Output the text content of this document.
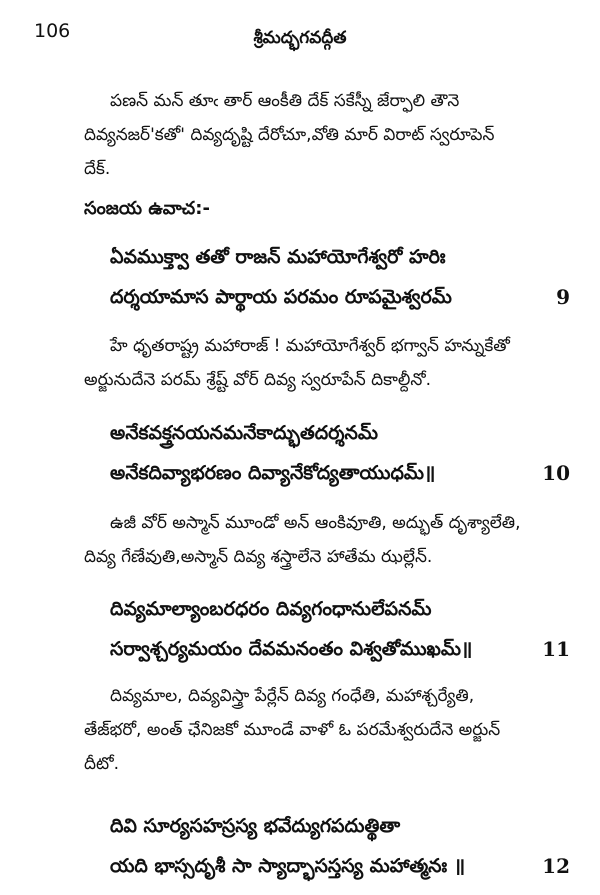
106	శ్రీమద్భగవద్గీత
పణన్ మన్ తూఁ తార్ ఆంకీతి దేక్ సకేస్నీ జేర్ఫాలి తౌనె
దివ్యనజర్'కతో' దివ్యదృష్టి దేరోచూ,వోతి మార్ విరాట్ స్వరూపెన్
దేక్.
సంజయ ఉవాచ:-
ఏవముక్త్వా తతో రాజన్ మహాయోగేశ్వరో హరిః
దర్శయామాస పార్థాయ పరమం రూపమైశ్వరమ్	9
హే ధృతరాష్ట్ర మహారాజ్ ! మహాయోగేశ్వర్ భగ్వాన్ హన్నుకేతో
అర్జునుదేనె పరమ్ శ్రేష్ట్ వోర్ దివ్య స్వరూపేన్ దికాల్దీనో.
అనేకవక్త్రనయనమనేకాద్భుతదర్శనమ్
అనేకదివ్యాభరణం దివ్యానేకోద్యతాయుధమ్॥	10
ఉజీ వోర్ అస్మాన్ మూండో అన్ ఆంకివూతి, అద్భుత్ దృశ్యాలేతి,
దివ్య గేణేవుతి,అస్మాన్ దివ్య శస్త్రాలేనె హాతేమ ఝల్లేన్.
దివ్యమాల్యాంబరధరం దివ్యగంధానులేపనమ్
సర్వాశ్చర్యమయం దేవమనంతం విశ్వతోముఖమ్॥	11
దివ్యమాల, దివ్యవిస్త్రా పేర్లేన్ దివ్య గంధేతి, మహాశ్చర్యేతి,
తేజ్‌భరో, అంత్ ఛేనిజకో మూండే వాళో ఓ పరమేశ్వరుదేనె అర్జున్
దీటో.
దివి సూర్యసహస్రస్య భవేద్యుగపదుత్థితా
యది భాస్సదృశీ సా స్యాద్భాసస్తస్య మహాత్మనః ॥	12
